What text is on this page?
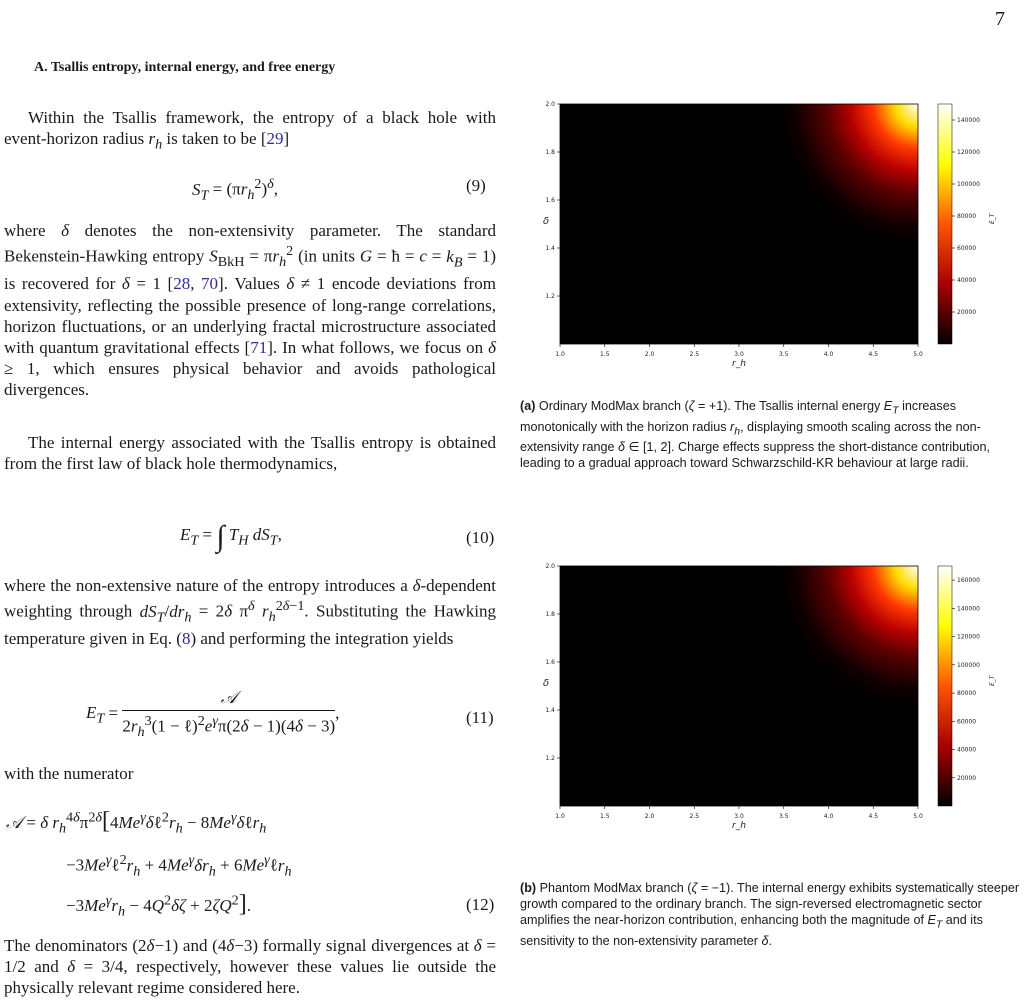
7
A. Tsallis entropy, internal energy, and free energy

Within the Tsallis framework, the entropy of a black hole with event-horizon radius $r_h$ is taken to be [29]

$S_T = (\pi r_h^2)^\delta$,	(9)

where δ denotes the non-extensivity parameter. The standard Bekenstein-Hawking entropy $S_{BkH} = \pi r_h^2$ (in units G = ħ = $c = k_B = 1$) is recovered for δ = 1 [28, 70]. Values δ ≠ 1 encode deviations from extensivity, reflecting the possible presence of long-range correlations, horizon fluctuations, or an underlying fractal microstructure associated with quantum gravitational effects [71]. In what follows, we focus on δ ≥ 1, which ensures physical behavior and avoids pathological divergences.

The internal energy associated with the Tsallis entropy is obtained from the first law of black hole thermodynamics,

$E_T$ = ∫ $T_H$ $dS_T$,	(10)

where the non-extensive nature of the entropy introduces a δ-dependent weighting through $dS_T/dr_h = 2\delta$ $\pi^\delta$ $r_h^{2\delta-1}$. Substituting the Hawking temperature given in Eq. (8) and performing the integration yields

$E_T = \frac{\text{𝒜}}{2r_h^3(1 - \ell)^2e^\gamma\pi(2\delta - 1)(4\delta - 3)}$ ,	(11)

with the numerator

𝒜 = δ $r_h^{4\delta}\pi^{2\delta}[4Me^\gamma\delta\ell^2r_h$ − $8Me^\gamma\delta\ell r_h$
$-3Me^\gamma\ell^2r_h + 4Me^\gamma\delta r_h$ + $6Me^\gamma\ell r_h$
$-3Me^\gamma r_h - 4Q^2\delta\zeta + 2\zeta Q^2$].	(12)

The denominators (2δ−1) and (4δ−3) formally signal divergences at δ = 1/2 and δ = 3/4, respectively, however these values lie outside the physically relevant regime considered here.

1.0	1.5	2.0	2.5	3.0	3.5	4.0	4.5	5.0
1.2
1.4
1.6
1.8
2.0
r_h
δ
20000
40000
60000
80000
100000
120000
140000
E_T
(a) Ordinary ModMax branch (ζ = +1). The Tsallis internal energy $E_T$ increases monotonically with the horizon radius $r_h$, displaying smooth scaling across the non-extensivity range δ ∈ [1, 2]. Charge effects suppress the short-distance contribution, leading to a gradual approach toward Schwarzschild-KR behaviour at large radii.
1.0	1.5	2.0	2.5	3.0	3.5	4.0	4.5	5.0
1.2
1.4
1.6
1.8
2.0
r_h
δ
20000
40000
60000
80000
100000
120000
140000
160000
E_T
(b) Phantom ModMax branch (ζ = −1). The internal energy exhibits systematically steeper growth compared to the ordinary branch. The sign-reversed electromagnetic sector amplifies the near-horizon contribution, enhancing both the magnitude of $E_T$ and its sensitivity to the non-extensivity parameter δ.
